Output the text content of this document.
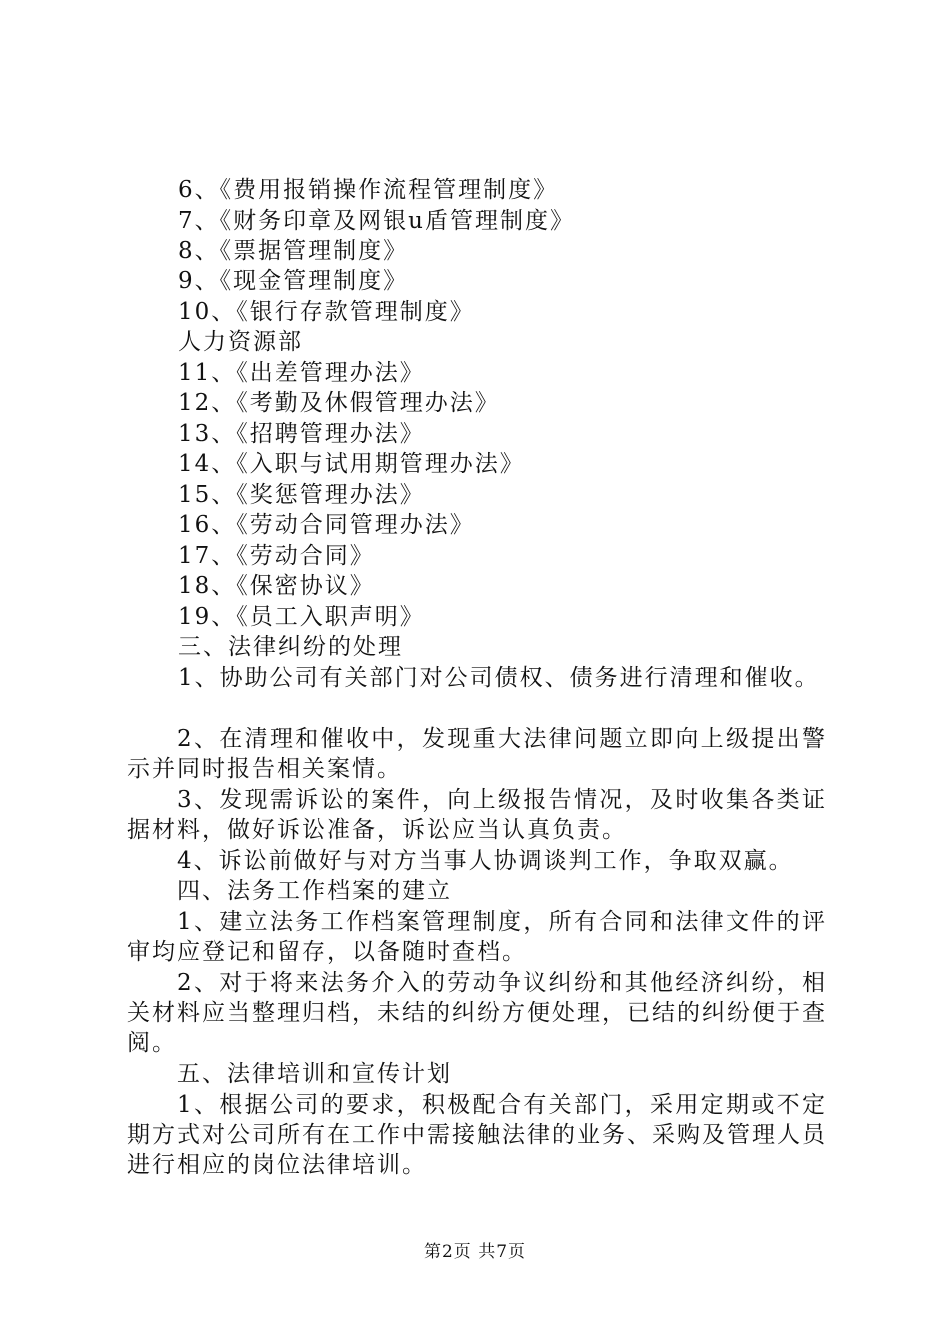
6、《费用报销操作流程管理制度》
7、《财务印章及网银u盾管理制度》
8、《票据管理制度》
9、《现金管理制度》
10、《银行存款管理制度》
人力资源部
11、《出差管理办法》
12、《考勤及休假管理办法》
13、《招聘管理办法》
14、《入职与试用期管理办法》
15、《奖惩管理办法》
16、《劳动合同管理办法》
17、《劳动合同》
18、《保密协议》
19、《员工入职声明》
三、法律纠纷的处理
1、协助公司有关部门对公司债权、债务进行清理和催收。
2、在清理和催收中，发现重大法律问题立即向上级提出警示并同时报告相关案情。
3、发现需诉讼的案件，向上级报告情况，及时收集各类证据材料，做好诉讼准备，诉讼应当认真负责。
4、诉讼前做好与对方当事人协调谈判工作，争取双赢。
四、法务工作档案的建立
1、建立法务工作档案管理制度，所有合同和法律文件的评审均应登记和留存，以备随时查档。
2、对于将来法务介入的劳动争议纠纷和其他经济纠纷，相关材料应当整理归档，未结的纠纷方便处理，已结的纠纷便于查阅。
五、法律培训和宣传计划
1、根据公司的要求，积极配合有关部门，采用定期或不定期方式对公司所有在工作中需接触法律的业务、采购及管理人员进行相应的岗位法律培训。
第2页 共7页
